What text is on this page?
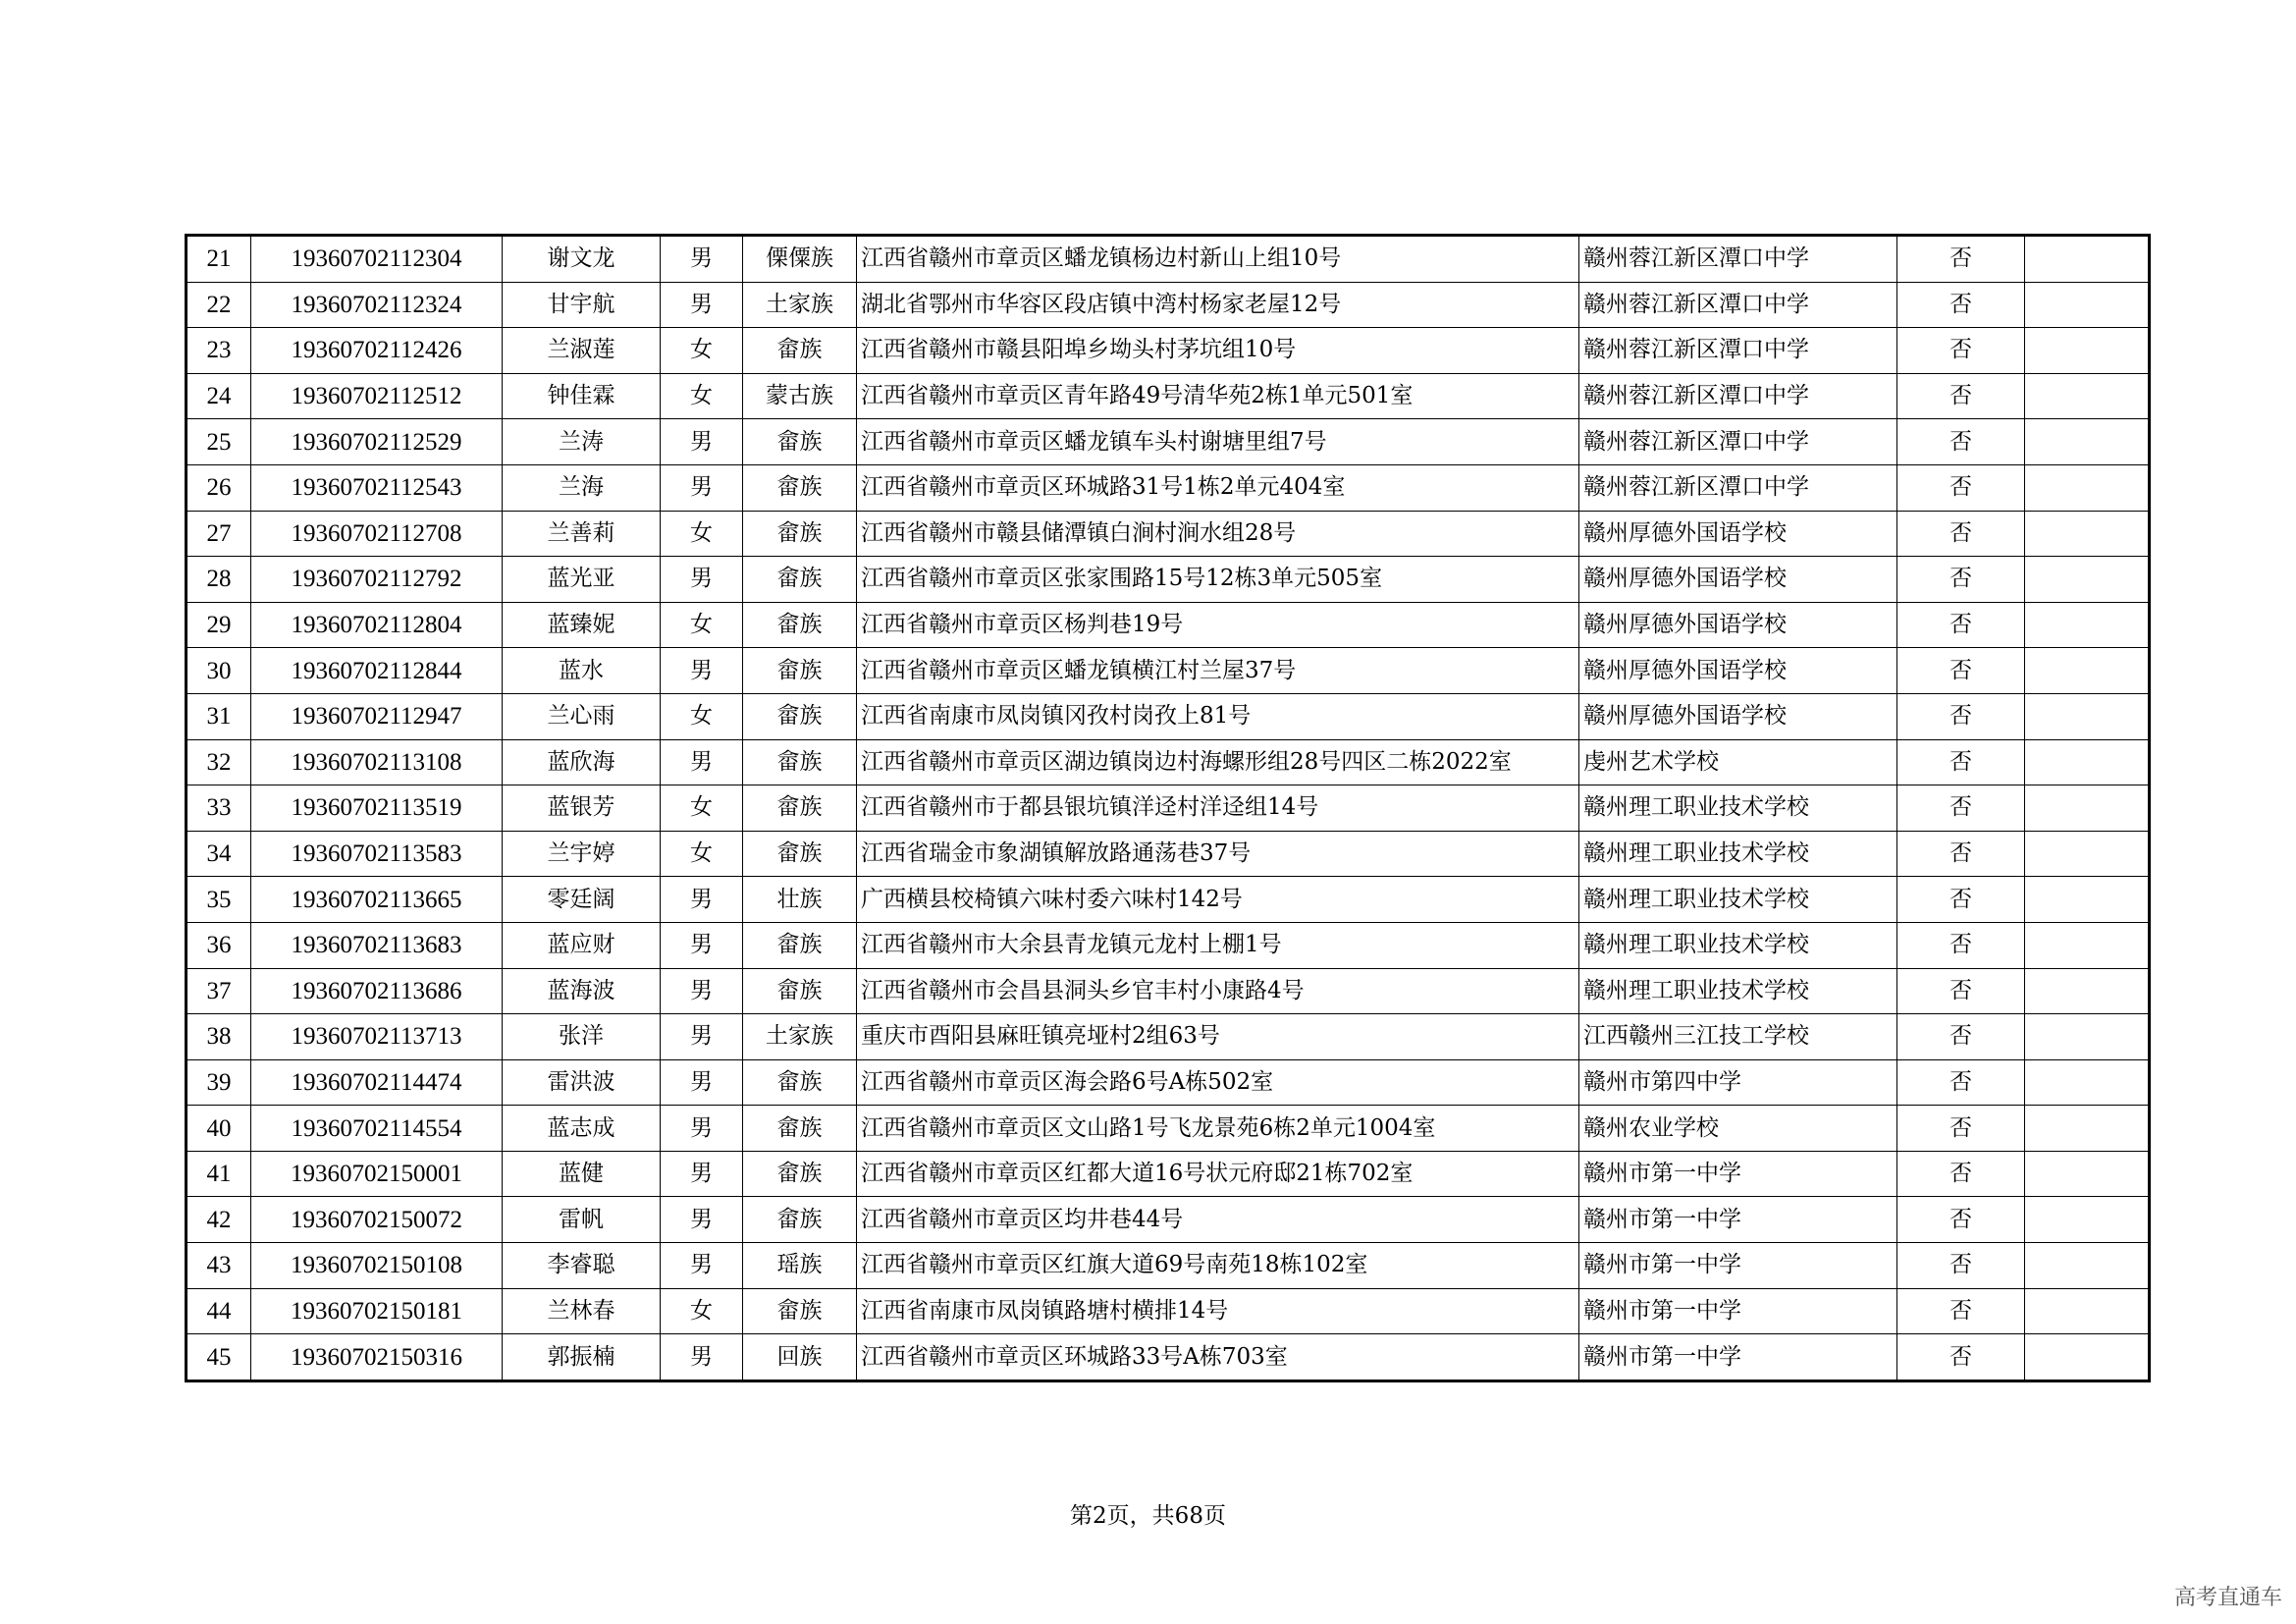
21	19360702112304	谢文龙	男	傈僳族	江西省赣州市章贡区蟠龙镇杨边村新山上组10号	赣州蓉江新区潭口中学	否	
22	19360702112324	甘宇航	男	土家族	湖北省鄂州市华容区段店镇中湾村杨家老屋12号	赣州蓉江新区潭口中学	否	
23	19360702112426	兰淑莲	女	畲族	江西省赣州市赣县阳埠乡坳头村茅坑组10号	赣州蓉江新区潭口中学	否	
24	19360702112512	钟佳霖	女	蒙古族	江西省赣州市章贡区青年路49号清华苑2栋1单元501室	赣州蓉江新区潭口中学	否	
25	19360702112529	兰涛	男	畲族	江西省赣州市章贡区蟠龙镇车头村谢塘里组7号	赣州蓉江新区潭口中学	否	
26	19360702112543	兰海	男	畲族	江西省赣州市章贡区环城路31号1栋2单元404室	赣州蓉江新区潭口中学	否	
27	19360702112708	兰善莉	女	畲族	江西省赣州市赣县储潭镇白涧村涧水组28号	赣州厚德外国语学校	否	
28	19360702112792	蓝光亚	男	畲族	江西省赣州市章贡区张家围路15号12栋3单元505室	赣州厚德外国语学校	否	
29	19360702112804	蓝臻妮	女	畲族	江西省赣州市章贡区杨判巷19号	赣州厚德外国语学校	否	
30	19360702112844	蓝水	男	畲族	江西省赣州市章贡区蟠龙镇横江村兰屋37号	赣州厚德外国语学校	否	
31	19360702112947	兰心雨	女	畲族	江西省南康市凤岗镇冈孜村岗孜上81号	赣州厚德外国语学校	否	
32	19360702113108	蓝欣海	男	畲族	江西省赣州市章贡区湖边镇岗边村海螺形组28号四区二栋2022室	虔州艺术学校	否	
33	19360702113519	蓝银芳	女	畲族	江西省赣州市于都县银坑镇洋迳村洋迳组14号	赣州理工职业技术学校	否	
34	19360702113583	兰宇婷	女	畲族	江西省瑞金市象湖镇解放路通荡巷37号	赣州理工职业技术学校	否	
35	19360702113665	零廷阔	男	壮族	广西横县校椅镇六味村委六味村142号	赣州理工职业技术学校	否	
36	19360702113683	蓝应财	男	畲族	江西省赣州市大余县青龙镇元龙村上棚1号	赣州理工职业技术学校	否	
37	19360702113686	蓝海波	男	畲族	江西省赣州市会昌县洞头乡官丰村小康路4号	赣州理工职业技术学校	否	
38	19360702113713	张洋	男	土家族	重庆市酉阳县麻旺镇亮垭村2组63号	江西赣州三江技工学校	否	
39	19360702114474	雷洪波	男	畲族	江西省赣州市章贡区海会路6号A栋502室	赣州市第四中学	否	
40	19360702114554	蓝志成	男	畲族	江西省赣州市章贡区文山路1号飞龙景苑6栋2单元1004室	赣州农业学校	否	
41	19360702150001	蓝健	男	畲族	江西省赣州市章贡区红都大道16号状元府邸21栋702室	赣州市第一中学	否	
42	19360702150072	雷帆	男	畲族	江西省赣州市章贡区均井巷44号	赣州市第一中学	否	
43	19360702150108	李睿聪	男	瑶族	江西省赣州市章贡区红旗大道69号南苑18栋102室	赣州市第一中学	否	
44	19360702150181	兰林春	女	畲族	江西省南康市凤岗镇路塘村横排14号	赣州市第一中学	否	
45	19360702150316	郭振楠	男	回族	江西省赣州市章贡区环城路33号A栋703室	赣州市第一中学	否	
第2页，共68页
高考直通车
